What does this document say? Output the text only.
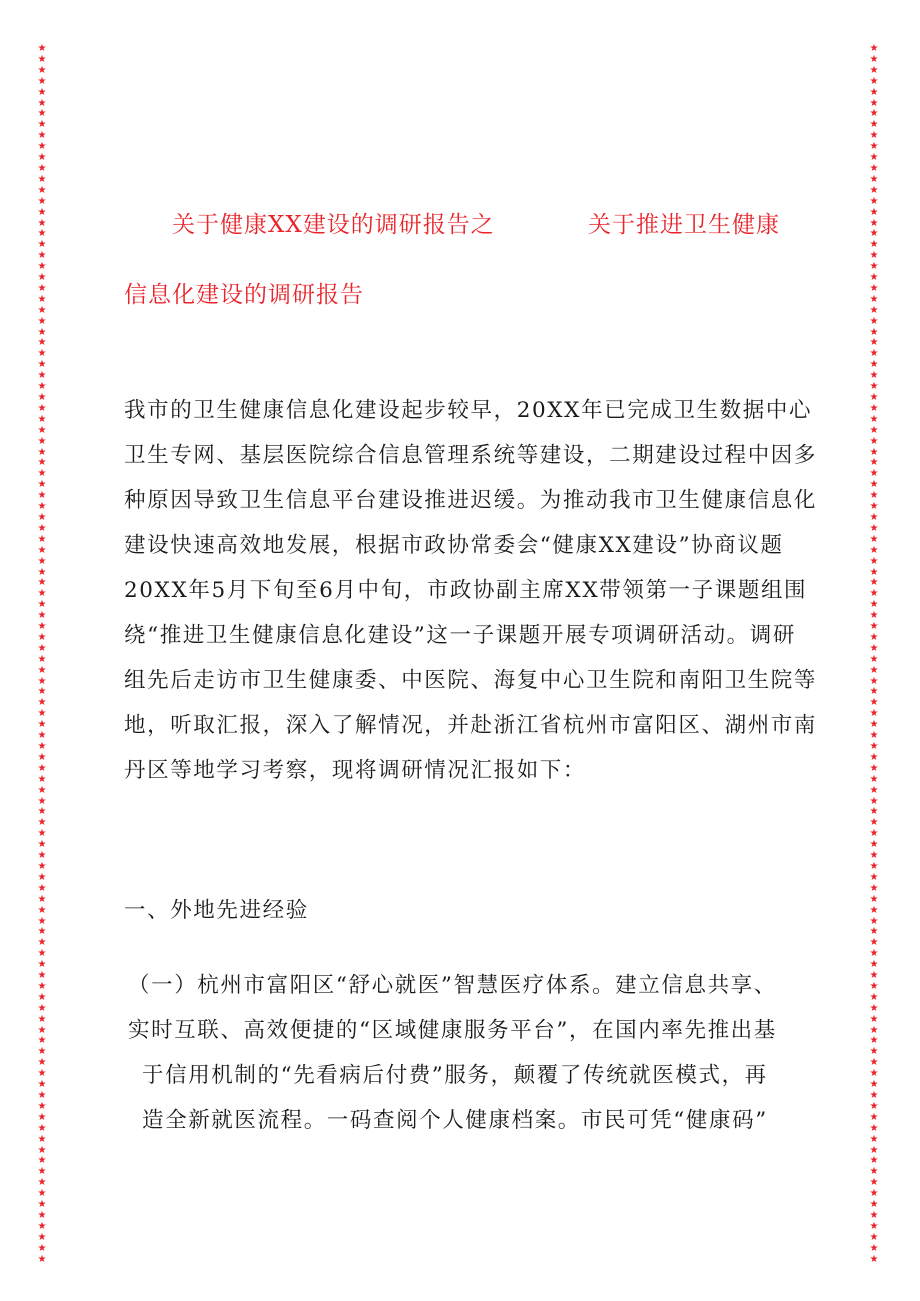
★
★
★
★
★
★
★
★
★
★
★
★
★
★
★
★
★
★
★
★
★
★
★
★
★
★
★
★
★
★
★
★
★
★
★
★
★
★
★
★
★
★
★
★
★
★
★
★
★
★
★
★
★
★
★
★
★
★
★
★
★
★
★
★
★
★
★
★
★
★
★
★
★
★
★
★
★
★
★
★
★
★
★
★
★
★
★
★
★
★
★
★
★
★
★
★
★
★
★
★
★
★
★
★
★
★
★
★
★
★
★
★
★
★
★
★
★
★
★
★
★
★
★
★
★
★
★
★
★
★
★
★
★
★
★
★
★
★
★
★
★
★
★
★
★
★
★
★
★
★
★
★
★
★
★
★
★
★
★
★
★
★
★
★
★
★
★
★
★
★
★
★
★
★
★
★
★
★
★
★
★
★
★
★
★
★
★
★
★
★
★
★
★
★
★
★
★
★
★
★
★
★
★
★
★
★
★
★
★
★
★
★
★
★
★
★
★
★
★
★
★
★
★
★
关于健康XX建设的调研报告之	关于推进卫生健康
信息化建设的调研报告
我市的卫生健康信息化建设起步较早，20XX年已完成卫生数据中心
卫生专网、基层医院综合信息管理系统等建设，二期建设过程中因多
种原因导致卫生信息平台建设推进迟缓。为推动我市卫生健康信息化
建设快速高效地发展，根据市政协常委会“健康XX建设”协商议题
20XX年5月下旬至6月中旬，市政协副主席XX带领第一子课题组围
绕“推进卫生健康信息化建设”这一子课题开展专项调研活动。调研
组先后走访市卫生健康委、中医院、海复中心卫生院和南阳卫生院等
地，听取汇报，深入了解情况，并赴浙江省杭州市富阳区、湖州市南
丹区等地学习考察，现将调研情况汇报如下：
一、外地先进经验
（一）杭州市富阳区“舒心就医”智慧医疗体系。建立信息共享、
实时互联、高效便捷的“区域健康服务平台”，在国内率先推出基
于信用机制的“先看病后付费”服务，颠覆了传统就医模式，再
造全新就医流程。一码查阅个人健康档案。市民可凭“健康码”
